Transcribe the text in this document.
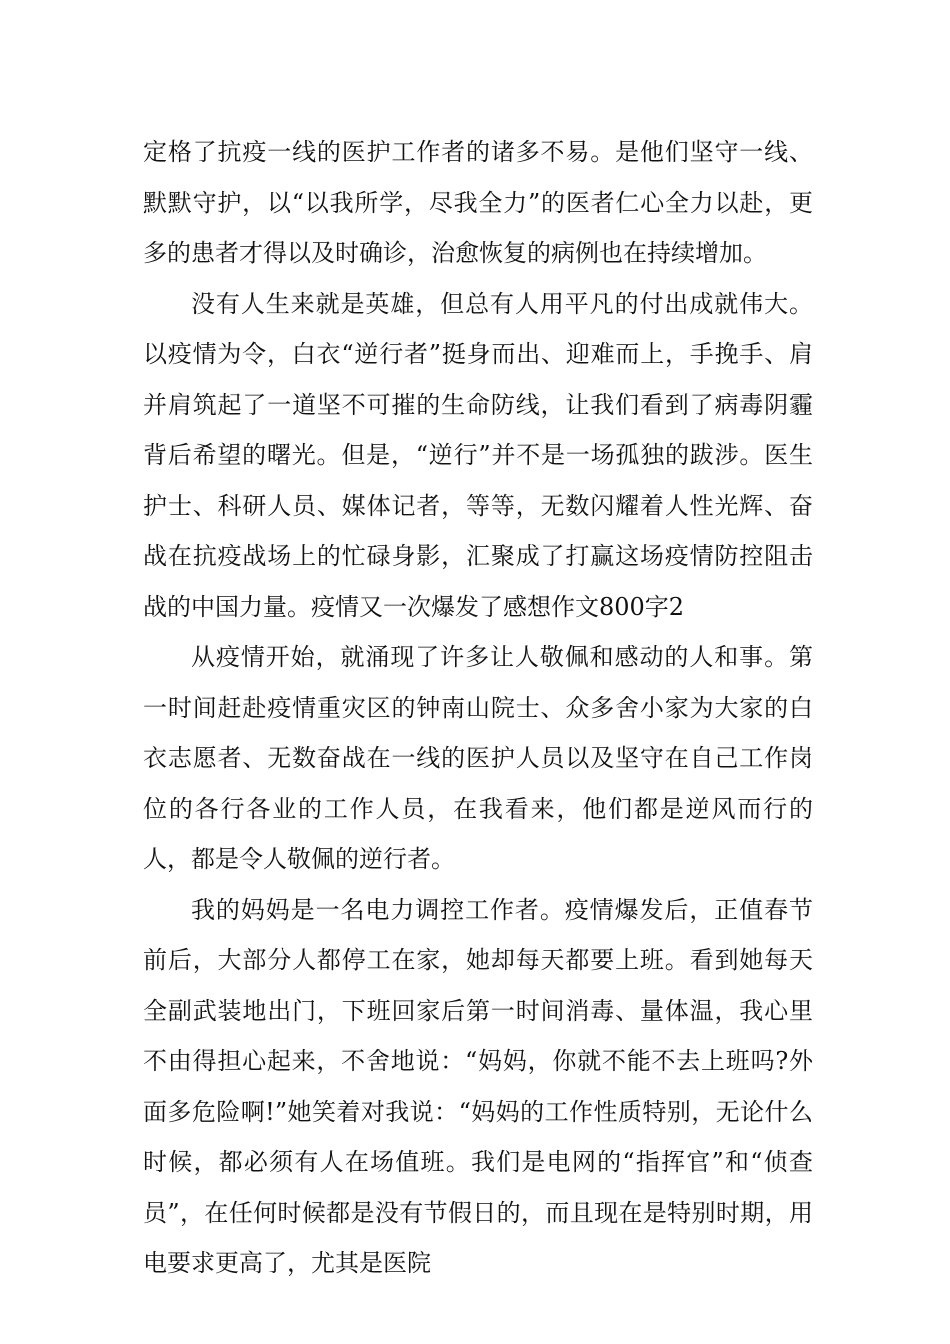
定格了抗疫一线的医护工作者的诸多不易。是他们坚守一线、默默守护，以“以我所学，尽我全力”的医者仁心全力以赴，更多的患者才得以及时确诊，治愈恢复的病例也在持续增加。

没有人生来就是英雄，但总有人用平凡的付出成就伟大。以疫情为令，白衣“逆行者”挺身而出、迎难而上，手挽手、肩并肩筑起了一道坚不可摧的生命防线，让我们看到了病毒阴霾背后希望的曙光。但是，“逆行”并不是一场孤独的跋涉。医生护士、科研人员、媒体记者，等等，无数闪耀着人性光辉、奋战在抗疫战场上的忙碌身影，汇聚成了打赢这场疫情防控阻击战的中国力量。疫情又一次爆发了感想作文800字2

从疫情开始，就涌现了许多让人敬佩和感动的人和事。第一时间赶赴疫情重灾区的钟南山院士、众多舍小家为大家的白衣志愿者、无数奋战在一线的医护人员以及坚守在自己工作岗位的各行各业的工作人员，在我看来，他们都是逆风而行的人，都是令人敬佩的逆行者。

我的妈妈是一名电力调控工作者。疫情爆发后，正值春节前后，大部分人都停工在家，她却每天都要上班。看到她每天全副武装地出门，下班回家后第一时间消毒、量体温，我心里不由得担心起来，不舍地说：“妈妈，你就不能不去上班吗?外面多危险啊!”她笑着对我说：“妈妈的工作性质特别，无论什么时候，都必须有人在场值班。我们是电网的“指挥官”和“侦查员”，在任何时候都是没有节假日的，而且现在是特别时期，用电要求更高了，尤其是医院
